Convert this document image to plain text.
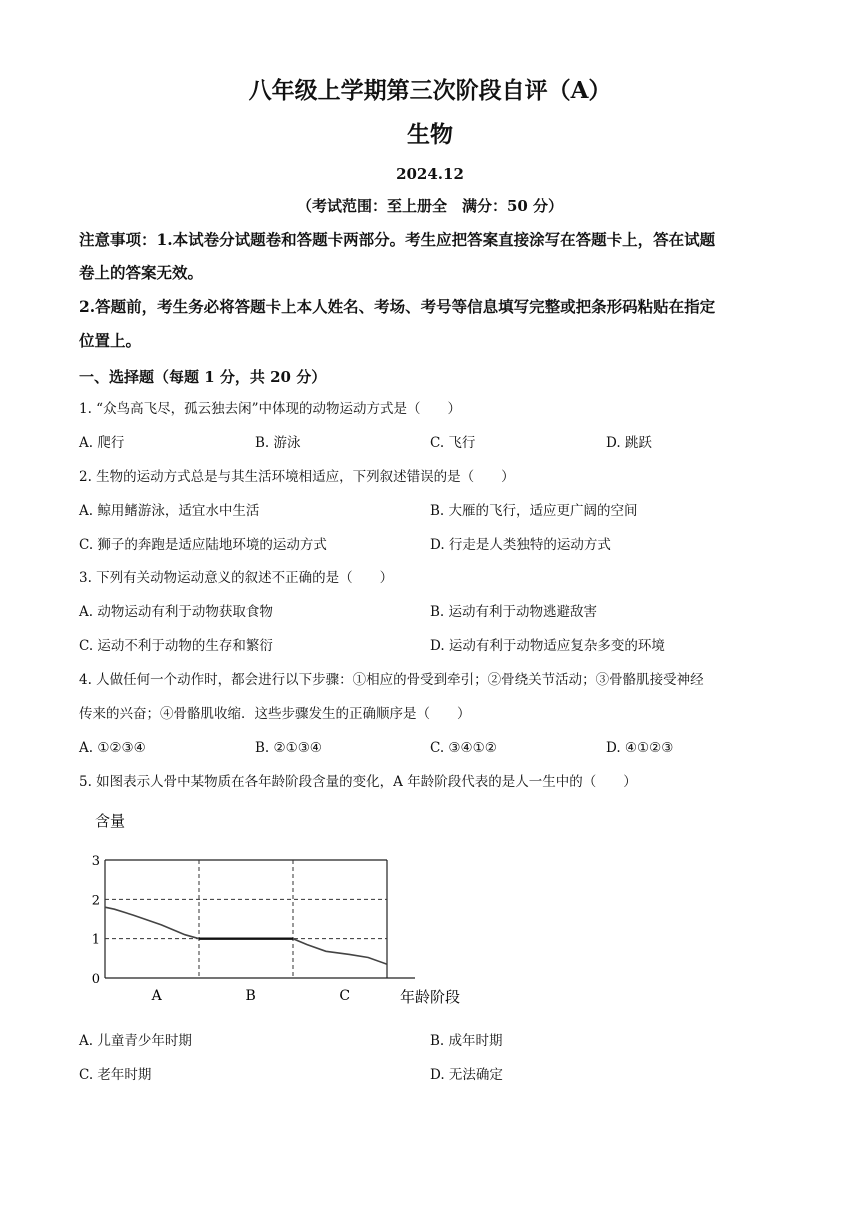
八年级上学期第三次阶段自评（A）
生物
2024.12
（考试范围：至上册全　满分：50 分）
注意事项：1.本试卷分试题卷和答题卡两部分。考生应把答案直接涂写在答题卡上，答在试题
卷上的答案无效。
2.答题前，考生务必将答题卡上本人姓名、考场、考号等信息填写完整或把条形码粘贴在指定
位置上。
一、选择题（每题 1 分，共 20 分）
1. “众鸟高飞尽，孤云独去闲”中体现的动物运动方式是（　　）
A. 爬行	B. 游泳	C. 飞行	D. 跳跃
2. 生物的运动方式总是与其生活环境相适应，下列叙述错误的是（　　）
A. 鲸用鳍游泳，适宜水中生活	B. 大雁的飞行，适应更广阔的空间
C. 狮子的奔跑是适应陆地环境的运动方式	D. 行走是人类独特的运动方式
3. 下列有关动物运动意义的叙述不正确的是（　　）
A. 动物运动有利于动物获取食物	B. 运动有利于动物逃避敌害
C. 运动不利于动物的生存和繁衍	D. 运动有利于动物适应复杂多变的环境
4. 人做任何一个动作时，都会进行以下步骤：①相应的骨受到牵引；②骨绕关节活动；③骨骼肌接受神经
传来的兴奋；④骨骼肌收缩．这些步骤发生的正确顺序是（　　）
A. ①②③④	B. ②①③④	C. ③④①②	D. ④①②③
5. 如图表示人骨中某物质在各年龄阶段含量的变化，A 年龄阶段代表的是人一生中的（　　）
含量
0
1
2
3
A	B	C	年龄阶段
A. 儿童青少年时期	B. 成年时期
C. 老年时期	D. 无法确定
